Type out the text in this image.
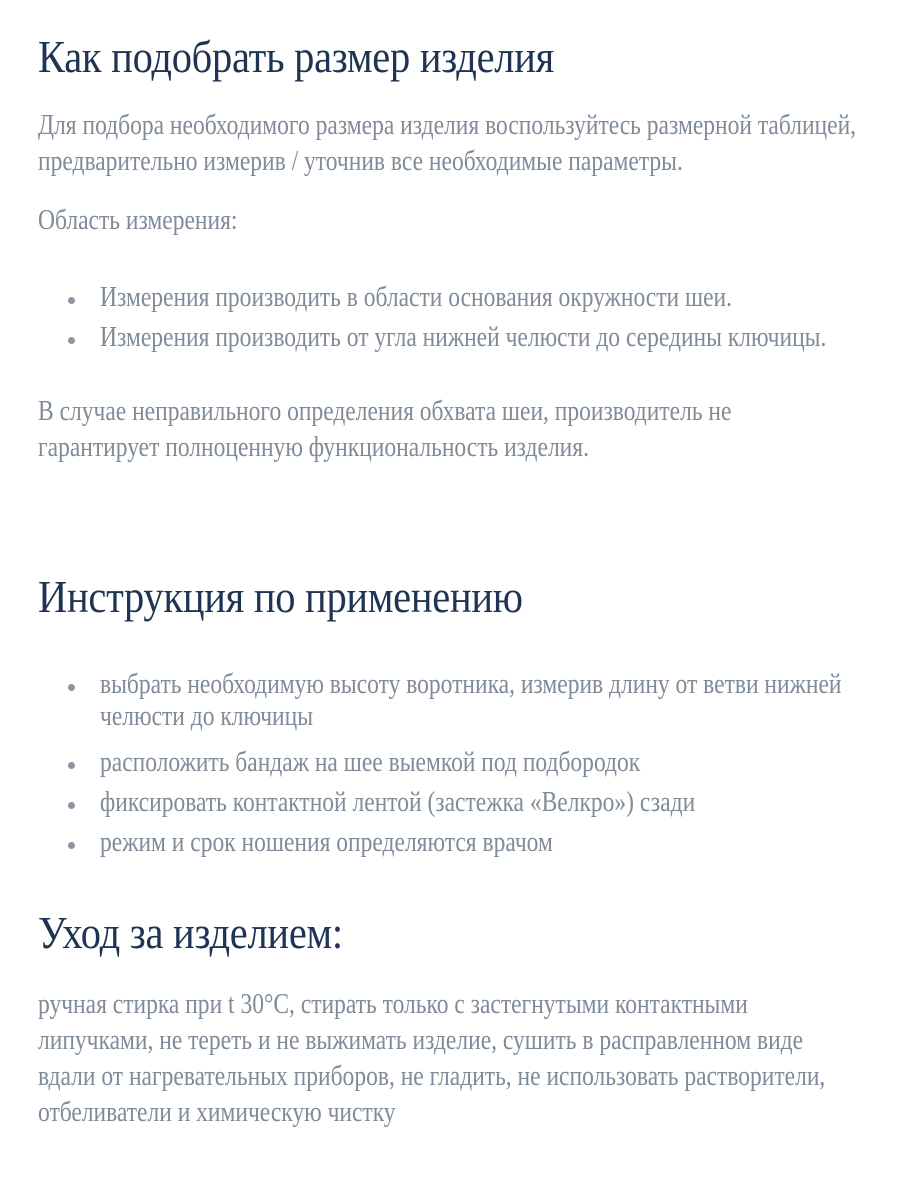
Как подобрать размер изделия

Для подбора необходимого размера изделия воспользуйтесь размерной таблицей, предварительно измерив / уточнив все необходимые параметры.

Область измерения:

Измерения производить в области основания окружности шеи.

Измерения производить от угла нижней челюсти до середины ключицы.

В случае неправильного определения обхвата шеи, производитель не гарантирует полноценную функциональность изделия.

Инструкция по применению

выбрать необходимую высоту воротника, измерив длину от ветви нижней челюсти до ключицы

расположить бандаж на шее выемкой под подбородок

фиксировать контактной лентой (застежка «Велкро») сзади

режим и срок ношения определяются врачом

Уход за изделием:

ручная стирка при t 30°С, стирать только с застегнутыми контактными липучками, не тереть и не выжимать изделие, сушить в расправленном виде вдали от нагревательных приборов, не гладить, не использовать растворители, отбеливатели и химическую чистку
